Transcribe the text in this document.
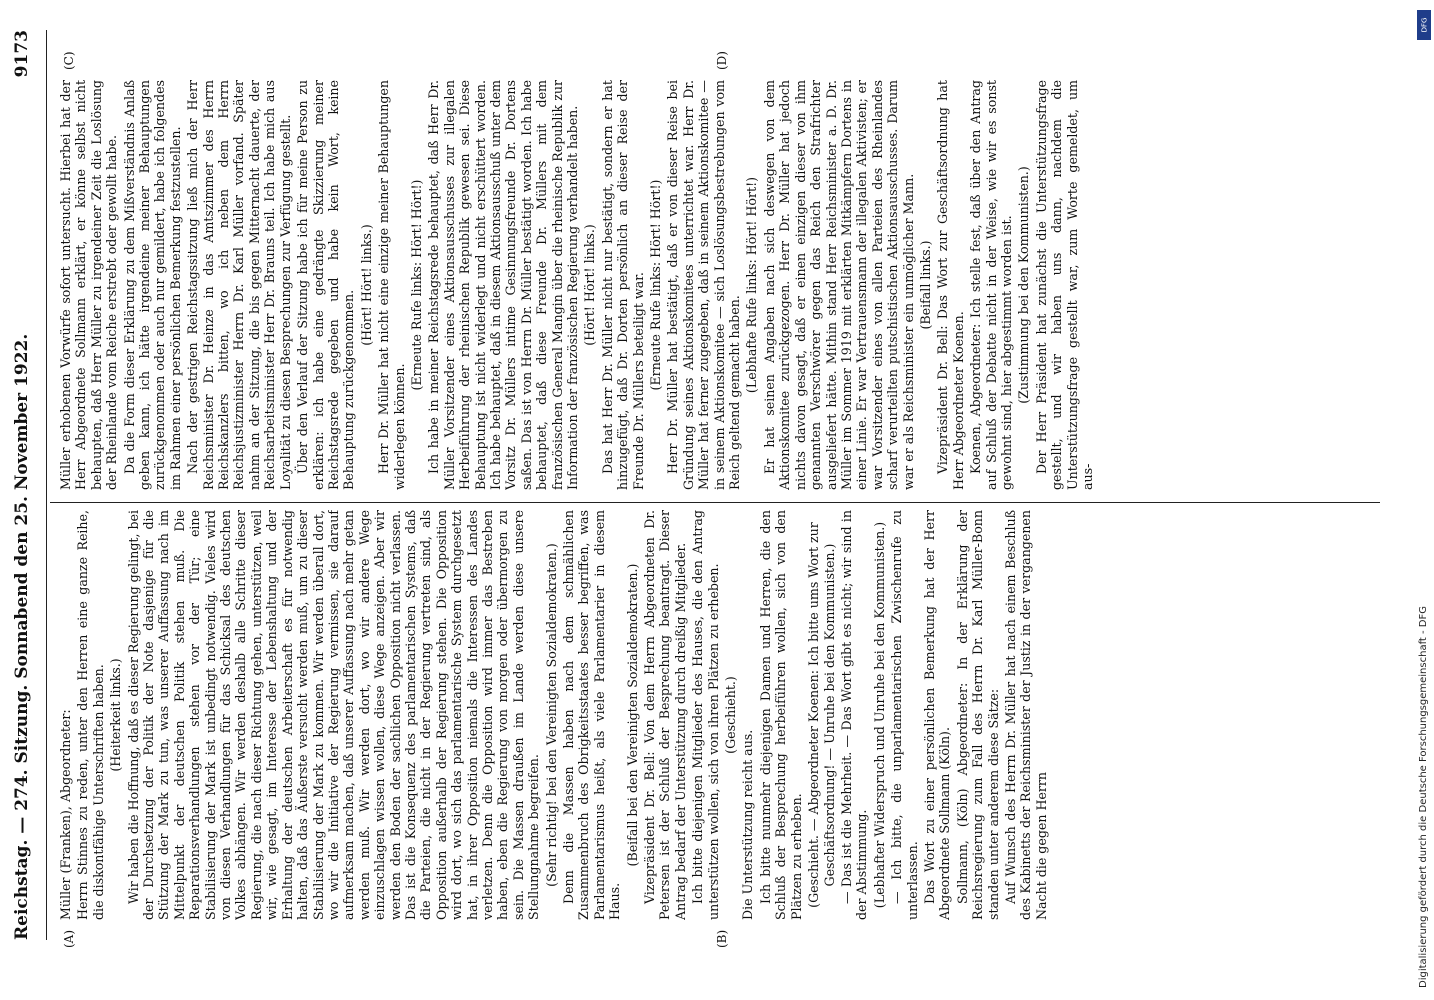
Reichstag. — 274. Sitzung. Sonnabend den 25. November 1922.
9173
(A)	(B)
(C)	(D)

Müller (Franken), Abgeordneter: Herrn Stinnes zu reden, unter den Herren eine ganze Reihe, die diskontfähige Unterschriften haben. (Heiterkeit links.) Wir haben die Hoffnung, daß es dieser Regierung gelingt, bei der Durchsetzung der Politik der Note dasjenige für die Stützung der Mark zu tun, was unserer Auffassung nach im Mittelpunkt der deutschen Politik stehen muß. Die Reparationsverhandlungen stehen vor der Tür; eine Stabilisierung der Mark ist unbedingt notwendig. Vieles wird von diesen Verhandlungen für das Schicksal des deutschen Volkes abhängen. Wir werden deshalb alle Schritte dieser Regierung, die nach dieser Richtung gehen, unterstützen, weil wir, wie gesagt, im Interesse der Lebenshaltung und der Erhaltung der deutschen Arbeiterschaft es für notwendig halten, daß das Äußerste versucht werden muß, um zu dieser Stabilisierung der Mark zu kommen. Wir werden überall dort, wo wir die Initiative der Regierung vermissen, sie darauf aufmerksam machen, daß unserer Auffassung nach mehr getan werden muß. Wir werden dort, wo wir andere Wege einzuschlagen wissen wollen, diese Wege anzeigen. Aber wir werden den Boden der sachlichen Opposition nicht verlassen. Das ist die Konsequenz des parlamentarischen Systems, daß die Parteien, die nicht in der Regierung vertreten sind, als Opposition außerhalb der Regierung stehen. Die Opposition wird dort, wo sich das parlamentarische System durchgesetzt hat, in ihrer Opposition niemals die Interessen des Landes verletzen. Denn die Opposition wird immer das Bestreben haben, eben die Regierung von morgen oder übermorgen zu sein. Die Massen draußen im Lande werden diese unsere Stellungnahme begreifen. (Sehr richtig! bei den Vereinigten Sozialdemokraten.) Denn die Massen haben nach dem schmählichen Zusammenbruch des Obrigkeitsstaates besser begriffen, was Parlamentarismus heißt, als viele Parlamentarier in diesem Haus.

(Beifall bei den Vereinigten Sozialdemokraten.) Vizepräsident Dr. Bell: Von dem Herrn Abgeordneten Dr. Petersen ist der Schluß der Besprechung beantragt. Dieser Antrag bedarf der Unterstützung durch dreißig Mitglieder. Ich bitte diejenigen Mitglieder des Hauses, die den Antrag unterstützen wollen, sich von ihren Plätzen zu erheben. (Geschieht.)

Die Unterstützung reicht aus. Ich bitte nunmehr diejenigen Damen und Herren, die den Schluß der Besprechung herbeiführen wollen, sich von den Plätzen zu erheben. (Geschieht. — Abgeordneter Koenen: Ich bitte ums Wort zur Geschäftsordnung! — Unruhe bei den Kommunisten.) — Das ist die Mehrheit. — Das Wort gibt es nicht; wir sind in der Abstimmung. (Lebhafter Widerspruch und Unruhe bei den Kommunisten.) — Ich bitte, die unparlamentarischen Zwischenrufe zu unterlassen. Das Wort zu einer persönlichen Bemerkung hat der Herr Abgeordnete Sollmann (Köln). Sollmann, (Köln) Abgeordneter: In der Erklärung der Reichsregierung zum Fall des Herrn Dr. Karl Müller-Bonn standen unter anderem diese Sätze: Auf Wunsch des Herrn Dr. Müller hat nach einem Beschluß des Kabinetts der Reichsminister der Justiz in der vergangenen Nacht die gegen Herrn

Müller erhobenen Vorwürfe sofort untersucht. Hierbei hat der Herr Abgeordnete Sollmann erklärt, er könne selbst nicht behaupten, daß Herr Müller zu irgendeiner Zeit die Loslösung der Rheinlande vom Reiche erstrebt oder gewollt habe. Da die Form dieser Erklärung zu dem Mißverständnis Anlaß geben kann, ich hätte irgendeine meiner Behauptungen zurückgenommen oder auch nur gemildert, habe ich folgendes im Rahmen einer persönlichen Bemerkung festzustellen. Nach der gestrigen Reichstagssitzung ließ mich der Herr Reichsminister Dr. Heinze in das Amtszimmer des Herrn Reichskanzlers bitten, wo ich neben dem Herrn Reichsjustizminister Herrn Dr. Karl Müller vorfand. Später nahm an der Sitzung, die bis gegen Mitternacht dauerte, der Reichsarbeitsminister Herr Dr. Brauns teil. Ich habe mich aus Loyalität zu diesen Besprechungen zur Verfügung gestellt. Über den Verlauf der Sitzung habe ich für meine Person zu erklären: ich habe eine gedrängte Skizzierung meiner Reichstagsrede gegeben und habe kein Wort, keine Behauptung zurückgenommen.

(Hört! Hört! links.) Herr Dr. Müller hat nicht eine einzige meiner Behauptungen widerlegen können.

(Erneute Rufe links: Hört! Hört!) Ich habe in meiner Reichstagsrede behauptet, daß Herr Dr. Müller Vorsitzender eines Aktionsausschusses zur illegalen Herbeiführung der rheinischen Republik gewesen sei. Diese Behauptung ist nicht widerlegt und nicht erschüttert worden. Ich habe behauptet, daß in diesem Aktionsausschuß unter dem Vorsitz Dr. Müllers intime Gesinnungsfreunde Dr. Dortens saßen. Das ist von Herrn Dr. Müller bestätigt worden. Ich habe behauptet, daß diese Freunde Dr. Müllers mit dem französischen General Mangin über die rheinische Republik zur Information der französischen Regierung verhandelt haben. (Hört! Hört! links.) Das hat Herr Dr. Müller nicht nur bestätigt, sondern er hat hinzugefügt, daß Dr. Dorten persönlich an dieser Reise der Freunde Dr. Müllers beteiligt war. (Erneute Rufe links: Hört! Hört!) Herr Dr. Müller hat bestätigt, daß er von dieser Reise bei Gründung seines Aktionskomitees unterrichtet war. Herr Dr. Müller hat ferner zugegeben, daß in seinem Aktionskomitee — in seinem Aktionskomitee — sich Loslösungsbestrebungen vom Reich geltend gemacht haben. (Lebhafte Rufe links: Hört! Hört!) Er hat seinen Angaben nach sich deswegen von dem Aktionskomitee zurückgezogen. Herr Dr. Müller hat jedoch nichts davon gesagt, daß er einen einzigen dieser von ihm genannten Verschwörer gegen das Reich den Strafrichter ausgeliefert hätte. Mithin stand Herr Reichsminister a. D. Dr. Müller im Sommer 1919 mit erklärten Mitkämpfern Dortens in einer Linie. Er war Vertrauensmann der illegalen Aktivisten; er war Vorsitzender eines von allen Parteien des Rheinlandes scharf verurteilten putschistischen Aktionsausschusses. Darum war er als Reichsminister ein unmöglicher Mann. (Beifall links.) Vizepräsident Dr. Bell: Das Wort zur Geschäftsordnung hat Herr Abgeordneter Koenen. Koenen, Abgeordneter: Ich stelle fest, daß über den Antrag auf Schluß der Debatte nicht in der Weise, wie wir es sonst gewohnt sind, hier abgestimmt worden ist. (Zustimmung bei den Kommunisten.) Der Herr Präsident hat zunächst die Unterstützungsfrage gestellt, und wir haben uns dann, nachdem die Unterstützungsfrage gestellt war, zum Worte gemeldet, um aus-

DFG
Digitalisierung gefördert durch die Deutsche Forschungsgemeinschaft - DFG
